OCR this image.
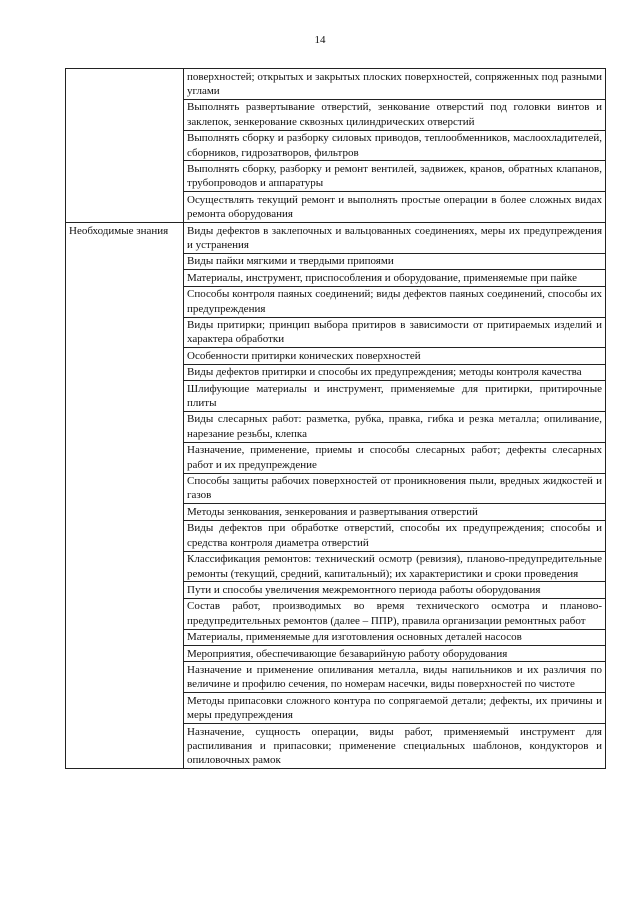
14
	поверхностей; открытых и закрытых плоских поверхностей, сопряженных под разными углами
	Выполнять развертывание отверстий, зенкование отверстий под головки винтов и заклепок, зенкерование сквозных цилиндрических отверстий
	Выполнять сборку и разборку силовых приводов, теплообменников, маслоохладителей, сборников, гидрозатворов, фильтров
	Выполнять сборку, разборку и ремонт вентилей, задвижек, кранов, обратных клапанов, трубопроводов и аппаратуры
	Осуществлять текущий ремонт и выполнять простые операции в более сложных видах ремонта оборудования
Необходимые знания	Виды дефектов в заклепочных и вальцованных соединениях, меры их предупреждения и устранения
	Виды пайки мягкими и твердыми припоями
	Материалы, инструмент, приспособления и оборудование, применяемые при пайке
	Способы контроля паяных соединений; виды дефектов паяных соединений, способы их предупреждения
	Виды притирки; принцип выбора притиров в зависимости от притираемых изделий и характера обработки
	Особенности притирки конических поверхностей
	Виды дефектов притирки и способы их предупреждения; методы контроля качества
	Шлифующие материалы и инструмент, применяемые для притирки, притирочные плиты
	Виды слесарных работ: разметка, рубка, правка, гибка и резка металла; опиливание, нарезание резьбы, клепка
	Назначение, применение, приемы и способы слесарных работ; дефекты слесарных работ и их предупреждение
	Способы защиты рабочих поверхностей от проникновения пыли, вредных жидкостей и газов
	Методы зенкования, зенкерования и развертывания отверстий
	Виды дефектов при обработке отверстий, способы их предупреждения; способы и средства контроля диаметра отверстий
	Классификация ремонтов: технический осмотр (ревизия), планово-предупредительные ремонты (текущий, средний, капитальный); их характеристики и сроки проведения
	Пути и способы увеличения межремонтного периода работы оборудования
	Состав работ, производимых во время технического осмотра и планово-предупредительных ремонтов (далее – ППР), правила организации ремонтных работ
	Материалы, применяемые для изготовления основных деталей насосов
	Мероприятия, обеспечивающие безаварийную работу оборудования
	Назначение и применение опиливания металла, виды напильников и их различия по величине и профилю сечения, по номерам насечки, виды поверхностей по чистоте
	Методы припасовки сложного контура по сопрягаемой детали; дефекты, их причины и меры предупреждения
	Назначение, сущность операции, виды работ, применяемый инструмент для распиливания и припасовки; применение специальных шаблонов, кондукторов и опиловочных рамок
